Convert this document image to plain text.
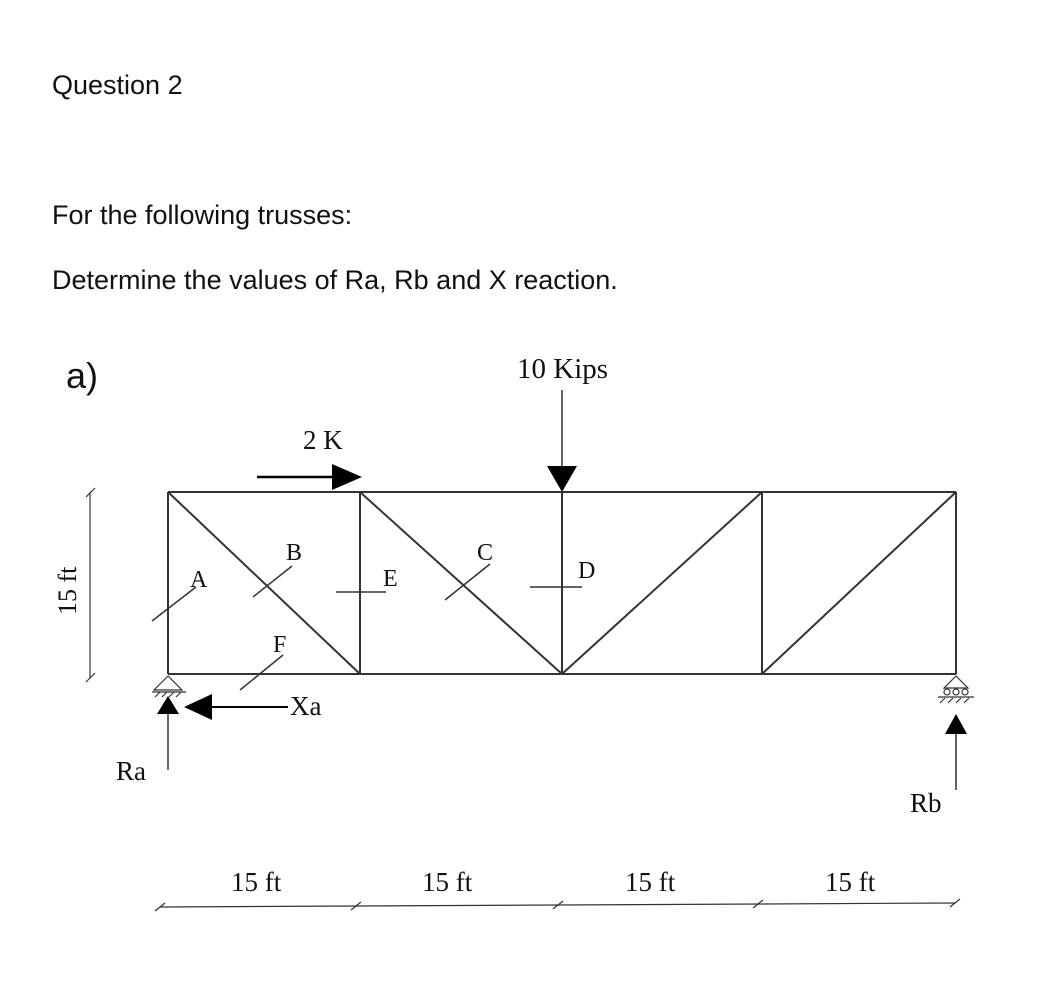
Question 2
For the following trusses:
Determine the values of Ra, Rb and X reaction.
a)
A
B	C
D
E
F
2 K
10 Kips
Ra
Xa
Rb
15 ft
15 ft	15 ft	15 ft	15 ft
